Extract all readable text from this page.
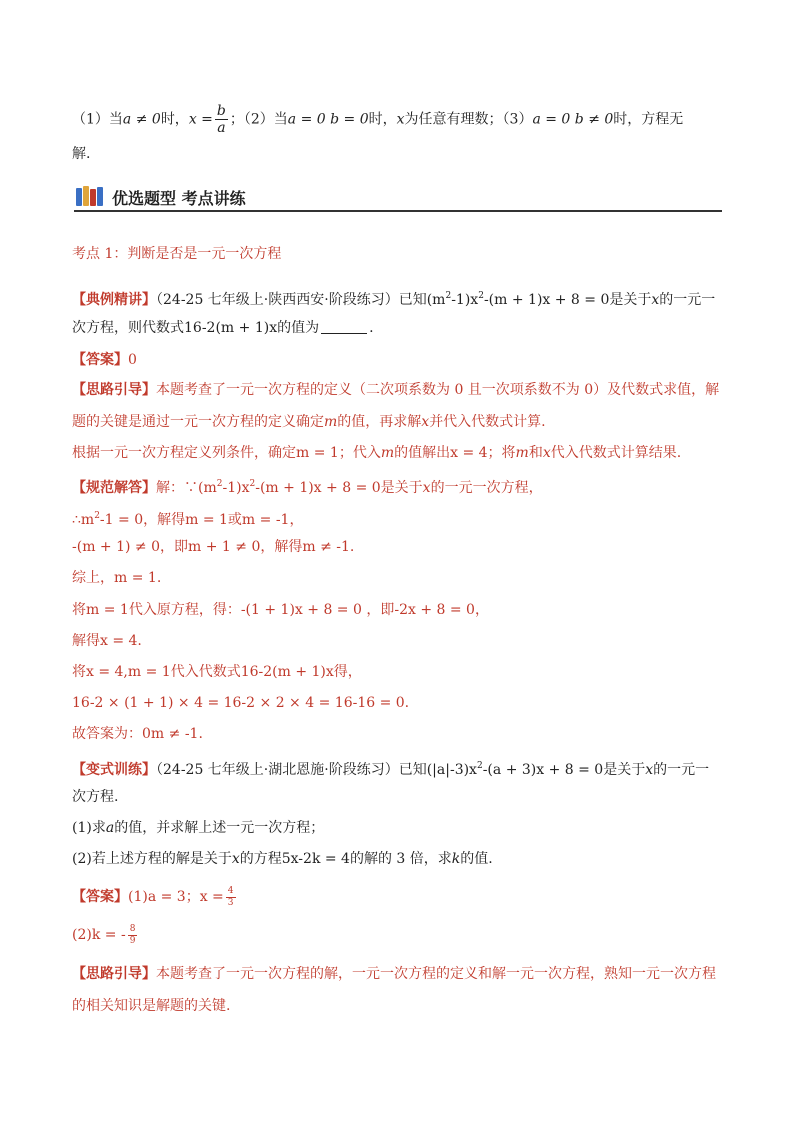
（1）当a ≠ 0时，$x = \frac{b}{a}$ ；（2）当a = 0 b = 0时，x为任意有理数；（3）a = 0 b ≠ 0时，方程无
解.
优选题型 考点讲练
考点 1：判断是否是一元一次方程
【典例精讲】（24-25 七年级上·陕西西安·阶段练习）已知$(m^2-1)x^2-(m + 1)x + 8 = 0$是关于x的一元一
次方程，则代数式16-2(m + 1)x的值为	.
【答案】0
【思路引导】本题考查了一元一次方程的定义（二次项系数为 0 且一次项系数不为 0）及代数式求值，解
题的关键是通过一元一次方程的定义确定m的值，再求解x并代入代数式计算.
根据一元一次方程定义列条件，确定m = 1；代入m的值解出x = 4；将m和x代入代数式计算结果.
【规范解答】解：$\because(m^2-1)x^2-(m + 1)x + 8 = 0$是关于x的一元一次方程，
$\therefore m^2-1 = 0$，解得m = 1或m = -1，
-(m + 1) ≠ 0，即m + 1 ≠ 0，解得m ≠ -1.
综上，m = 1.
将m = 1代入原方程，得：-(1 + 1)x + 8 = 0 ，即-2x + 8 = 0，
解得x = 4.
将x = 4,m = 1代入代数式16-2(m + 1)x得，
16-2 × (1 + 1) × 4 = 16-2 × 2 × 4 = 16-16 = 0.
故答案为：0m ≠ -1.
【变式训练】（24-25 七年级上·湖北恩施·阶段练习）已知$(|a|-3)x^2-(a + 3)x + 8 = 0$是关于x的一元一
次方程.
(1)求a的值，并求解上述一元一次方程；
(2)若上述方程的解是关于x的方程5x-2k = 4的解的 3 倍，求k的值.
【答案】(1)a = 3；$x = \frac{4}{3}$
(2)k = - $\frac{8}{9}$
【思路引导】本题考查了一元一次方程的解，一元一次方程的定义和解一元一次方程，熟知一元一次方程
的相关知识是解题的关键.
